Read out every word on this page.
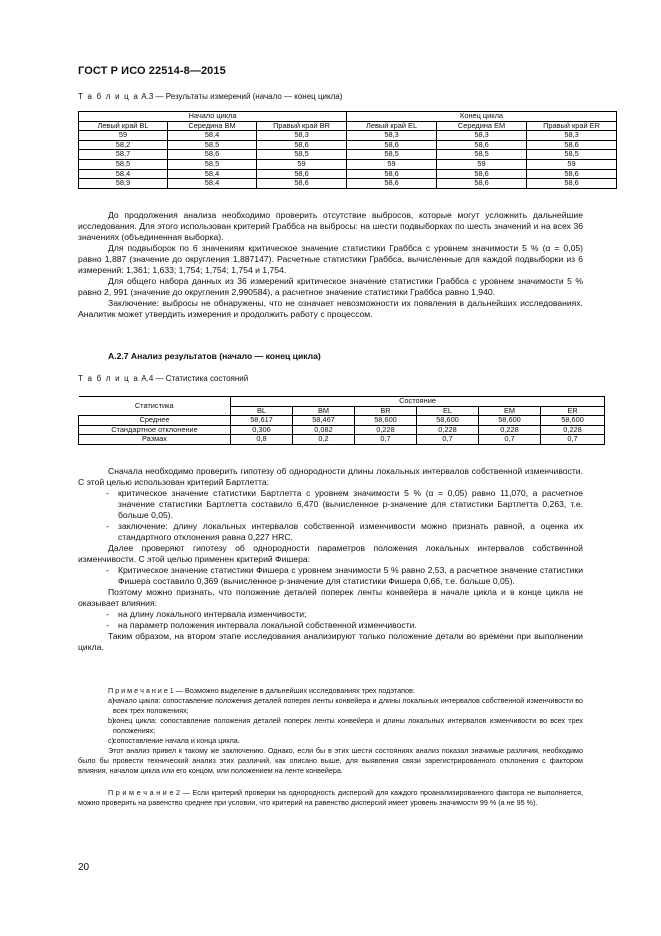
ГОСТ Р ИСО 22514-8—2015
Т а б л и ц а А.3 — Результаты измерений (начало — конец цикла)
Начало цикла			Конец цикла		
Левый край BL	Середина BM	Правый край BR	Левый край EL	Середина EM	Правый край ER
59	58,4	58,3	58,3	58,3	58,3
58,2	58,5	58,6	58,6	58,6	58,6
58,7	58,6	58,5	58,5	58,5	58,5
58,5	58,5	59	59	59	59
58,4	58,4	58,6	58,6	58,6	58,6
58,9	58,4	58,6	58,6	58,6	58,6

До продолжения анализа необходимо проверить отсутствие выбросов, которые могут усложнить дальнейшие исследования. Для этого использован критерий Граббса на выбросы: на шести подвыборках по шесть значений и на всех 36 значениях (объединенная выборка).

Для подвыборок по 6 значениям критическое значение статистики Граббса с уровнем значимости 5 % (α = 0,05) равно 1,887 (значение до округления 1,887147). Расчетные статистики Граббса, вычисленные для каждой подвыборки из 6 измерений: 1,361; 1,633; 1,754; 1,754; 1,754 и 1,754.

Для общего набора данных из 36 измерений критическое значение статистики Граббса с уровнем значимости 5 % равно 2, 991 (значение до округления 2,990584), а расчетное значение статистики Граббса равно 1,940.

Заключение: выбросы не обнаружены, что не означает невозможности их появления в дальнейших исследованиях. Аналитик может утвердить измерения и продолжить работу с процессом.

А.2.7 Анализ результатов (начало — конец цикла)
Т а б л и ц а А.4 — Статистика состояний
Статистика	Состояние					
	BL	BM	BR	EL	EM	ER
Среднее	58,617	58,467	58,600	58,600	58,600	58,600
Стандартное отклонение	0,306	0,082	0,228	0,228	0,228	0,228
Размах	0,8	0,2	0,7	0,7	0,7	0,7

Сначала необходимо проверить гипотезу об однородности длины локальных интервалов собственной изменчивости. С этой целью использован критерий Бартлетта:

-	критическое значение статистики Бартлетта с уровнем значимости 5 % (α = 0,05) равно 11,070, а расчетное значение статистики Бартлетта составило 6,470 (вычисленное p-значение для статистики Бартлетта 0,263, т.е. больше 0,05).
-	заключение: длину локальных интервалов собственной изменчивости можно признать равной, а оценка их стандартного отклонения равна 0,227 HRC.

Далее проверяют гипотезу об однородности параметров положения локальных интервалов собственной изменчивости. С этой целью применен критерий Фишера:

-	Критическое значение статистики Фишера с уровнем значимости 5 % равно 2,53, а расчетное значение статистики Фишера составило 0,369 (вычисленное p-значение для статистики Фишера 0,66, т.е. больше 0,05).

Поэтому можно признать, что положение деталей поперек ленты конвейера в начале цикла и в конце цикла не оказывает влияния:

-	на длину локального интервала изменчивости;
-	на параметр положения интервала локальной собственной изменчивости.

Таким образом, на втором этапе исследования анализируют только положение детали во времени при выполнении цикла.

П р и м е ч а н и е 1 — Возможно выделение в дальнейших исследованиях трех подэтапов:

a)
начало цикла: сопоставление положения деталей поперек ленты конвейера и длины локальных интервалов собственной изменчивости во всех трех положениях;
b)
конец цикла: сопоставление положения деталей поперек ленты конвейера и длины локальных интервалов изменчивости во всех трех положениях;
c) сопоставление начала и конца цикла.

Этот анализ привел к такому же заключению. Однако, если бы в этих шести состояниях анализ показал значимые различия, необходимо было бы провести технический анализ этих различий, как описано выше, для выявления связи зарегистрированного отклонения с фактором влияния, началом цикла или его концом, или положением на ленте конвейера.

П р и м е ч а н и е 2 — Если критерий проверки на однородность дисперсий для каждого проанализированного фактора не выполняется, можно проверить на равенство среднее при условии, что критерий на равенство дисперсий имеет уровень значимости 99 % (а не 95 %).

20
